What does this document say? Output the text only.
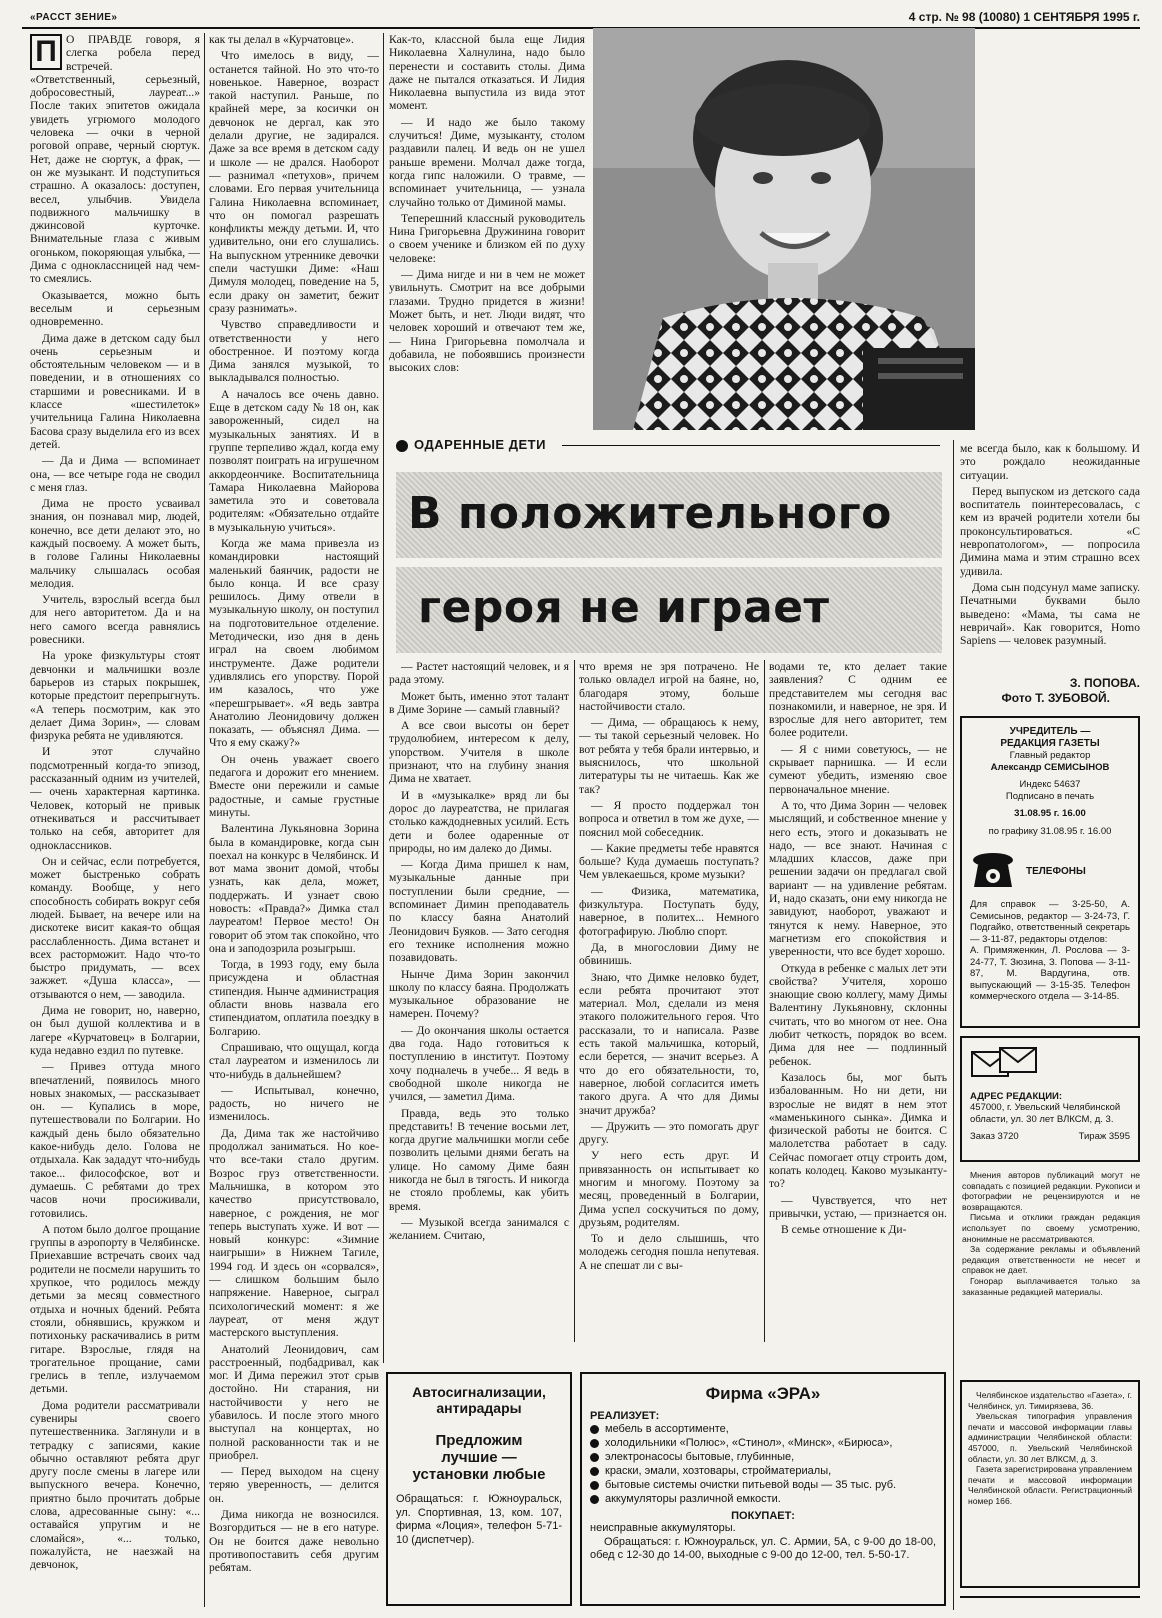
«РАССТ ЗЕНИЕ»	4 стр. № 98 (10080) 1 СЕНТЯБРЯ 1995 г.
П О ПРАВДЕ говоря, я слегка робела перед встречей. «Ответственный, серьезный, добросовестный, лауреат...» После таких эпитетов ожидала увидеть угрюмого молодого человека — очки в черной роговой оправе, черный сюртук. Нет, даже не сюртук, а фрак, — он же музыкант. И подступиться страшно. А оказалось: доступен, весел, улыбчив. Увидела подвижного мальчишку в джинсовой курточке. Внимательные глаза с живым огоньком, покоряющая улыбка, — Дима с одноклассницей над чем-то смеялись.

Оказывается, можно быть веселым и серьезным одновременно.

Дима даже в детском саду был очень серьезным и обстоятельным человеком — и в поведении, и в отношениях со старшими и ровесниками. И в классе «шестилеток» учительница Галина Николаевна Басова сразу выделила его из всех детей.

— Да и Дима — вспоминает она, — все четыре года не сводил с меня глаз.

Дима не просто усваивал знания, он познавал мир, людей, конечно, все дети делают это, но каждый посвоему. А может быть, в голове Галины Николаевны мальчику слышалась особая мелодия.

Учитель, взрослый всегда был для него авторитетом. Да и на него самого всегда равнялись ровесники.

На уроке физкультуры стоят девчонки и мальчишки возле барьеров из старых покрышек, которые предстоит перепрыгнуть. «А теперь посмотрим, как это делает Дима Зорин», — словам физрука ребята не удивляются.

И этот случайно подсмотренный когда-то эпизод, рассказанный одним из учителей, — очень характерная картинка. Человек, который не привык отнекиваться и рассчитывает только на себя, авторитет для одноклассников.

Он и сейчас, если потребуется, может быстренько собрать команду. Вообще, у него способность собирать вокруг себя людей. Бывает, на вечере или на дискотеке висит какая-то общая расслабленность. Дима встанет и всех расторможит. Надо что-то быстро придумать, — всех зажжет. «Душа класса», — отзываются о нем, — заводила.

Дима не говорит, но, наверно, он был душой коллектива и в лагере «Курчатовец» в Болгарии, куда недавно ездил по путевке.

— Привез оттуда много впечатлений, появилось много новых знакомых, — рассказывает он. — Купались в море, путешествовали по Болгарии. Но каждый день было обязательно какое-нибудь дело. Голова не отдыхала. Как зададут что-нибудь такое... философское, вот и думаешь. С ребятами до трех часов ночи просиживали, готовились.

А потом было долгое прощание группы в аэропорту в Челябинске. Приехавшие встречать своих чад родители не посмели нарушить то хрупкое, что родилось между детьми за месяц совместного отдыха и ночных бдений. Ребята стояли, обнявшись, кружком и потихоньку раскачивались в ритм гитаре. Взрослые, глядя на трогательное прощание, сами грелись в тепле, излучаемом детьми.

Дома родители рассматривали сувениры своего путешественника. Заглянули и в тетрадку с записями, какие обычно оставляют ребята друг другу после смены в лагере или выпускного вечера. Конечно, приятно было прочитать добрые слова, адресованные сыну: «... оставайся упругим и не сломайся», «... только, пожалуйста, не наезжай на девчонок,

как ты делал в «Курчатовце».

Что имелось в виду, — останется тайной. Но это что-то новенькое. Наверное, возраст такой наступил. Раньше, по крайней мере, за косички он девчонок не дергал, как это делали другие, не задирался. Даже за все время в детском саду и школе — не дрался. Наоборот — разнимал «петухов», причем словами. Его первая учительница Галина Николаевна вспоминает, что он помогал разрешать конфликты между детьми. И, что удивительно, они его слушались. На выпускном утреннике девочки спели частушки Диме: «Наш Димуля молодец, поведение на 5, если драку он заметит, бежит сразу разнимать».

Чувство справедливости и ответственности у него обостренное. И поэтому когда Дима занялся музыкой, то выкладывался полностью.

А началось все очень давно. Еще в детском саду № 18 он, как завороженный, сидел на музыкальных занятиях. И в группе терпеливо ждал, когда ему позволят поиграть на игрушечном аккордеончике. Воспитательница Тамара Николаевна Майорова заметила это и советовала родителям: «Обязательно отдайте в музыкальную учиться».

Когда же мама привезла из командировки настоящий маленький баянчик, радости не было конца. И все сразу решилось. Диму отвели в музыкальную школу, он поступил на подготовительное отделение. Методически, изо дня в день играл на своем любимом инструменте. Даже родители удивлялись его упорству. Порой им казалось, что уже «перешгрывает». «Я ведь завтра Анатолию Леонидовичу должен показать, — объяснял Дима. — Что я ему скажу?»

Он очень уважает своего педагога и дорожит его мнением. Вместе они пережили и самые радостные, и самые грустные минуты.

Валентина Лукьяновна Зорина была в командировке, когда сын поехал на конкурс в Челябинск. И вот мама звонит домой, чтобы узнать, как дела, может, поддержать. И узнает свою новость: «Правда?» Димка стал лауреатом! Первое место! Он говорит об этом так спокойно, что она и заподозрила розыгрыш.

Тогда, в 1993 году, ему была присуждена и областная стипендия. Нынче администрация области вновь назвала его стипендиатом, оплатила поездку в Болгарию.

Спрашиваю, что ощущал, когда стал лауреатом и изменилось ли что-нибудь в дальнейшем?

— Испытывал, конечно, радость, но ничего не изменилось.

Да, Дима так же настойчиво продолжал заниматься. Но кое-что все-таки стало другим. Возрос груз ответственности. Мальчишка, в котором это качество присутствовало, наверное, с рождения, не мог теперь выступать хуже. И вот — новый конкурс: «Зимние наигрыши» в Нижнем Тагиле, 1994 год. И здесь он «сорвался», — слишком большим было напряжение. Наверное, сыграл психологический момент: я же лауреат, от меня ждут мастерского выступления.

Анатолий Леонидович, сам расстроенный, подбадривал, как мог. И Дима пережил этот срыв достойно. Ни старания, ни настойчивости у него не убавилось. И после этого много выступал на концертах, но полной раскованности так и не приобрел.

— Перед выходом на сцену теряю уверенность, — делится он.

Дима никогда не возносился. Возгордиться — не в его натуре. Он не боится даже невольно противопоставить себя другим ребятам.

Как-то, классной была еще Лидия Николаевна Халнулина, надо было перенести и составить столы. Дима даже не пытался отказаться. И Лидия Николаевна выпустила из вида этот момент.

— И надо же было такому случиться! Диме, музыканту, столом раздавили палец. И ведь он не ушел раньше времени. Молчал даже тогда, когда гипс наложили. О травме, — вспоминает учительница, — узнала случайно только от Диминой мамы.

Теперешний классный руководитель Нина Григорьевна Дружинина говорит о своем ученике и близком ей по духу человеке:

— Дима нигде и ни в чем не может увильнуть. Смотрит на все добрыми глазами. Трудно придется в жизни! Может быть, и нет. Люди видят, что человек хороший и отвечают тем же, — Нина Григорьевна помолчала и добавила, не побоявшись произнести высоких слов:

ОДАРЕННЫЕ ДЕТИ
В положительного
героя не играет

— Растет настоящий человек, и я рада этому.

Может быть, именно этот талант в Диме Зорине — самый главный?

А все свои высоты он берет трудолюбием, интересом к делу, упорством. Учителя в школе признают, что на глубину знания Дима не хватает.

И в «музыкалке» вряд ли бы дорос до лауреатства, не прилагая столько каждодневных усилий. Есть дети и более одаренные от природы, но им далеко до Димы.

— Когда Дима пришел к нам, музыкальные данные при поступлении были средние, — вспоминает Димин преподаватель по классу баяна Анатолий Леонидович Буяков. — Зато сегодня его технике исполнения можно позавидовать.

Нынче Дима Зорин закончил школу по классу баяна. Продолжать музыкальное образование не намерен. Почему?

— До окончания школы остается два года. Надо готовиться к поступлению в институт. Поэтому хочу подналечь в учебе... Я ведь в свободной школе никогда не учился, — заметил Дима.

Правда, ведь это только представить! В течение восьми лет, когда другие мальчишки могли себе позволить целыми днями бегать на улице. Но самому Диме баян никогда не был в тягость. И никогда не стояло проблемы, как убить время.

— Музыкой всегда занимался с желанием. Считаю,

что время не зря потрачено. Не только овладел игрой на баяне, но, благодаря этому, больше настойчивости стало.

— Дима, — обращаюсь к нему, — ты такой серьезный человек. Но вот ребята у тебя брали интервью, и выяснилось, что школьной литературы ты не читаешь. Как же так?

— Я просто поддержал тон вопроса и ответил в том же духе, — пояснил мой собеседник.

— Какие предметы тебе нравятся больше? Куда думаешь поступать? Чем увлекаешься, кроме музыки?

— Физика, математика, физкультура. Поступать буду, наверное, в политех... Немного фотографирую. Люблю спорт.

Да, в многословии Диму не обвинишь.

Знаю, что Димке неловко будет, если ребята прочитают этот материал. Мол, сделали из меня этакого положительного героя. Что рассказали, то и написала. Разве есть такой мальчишка, который, если берется, — значит всерьез. А что до его обязательности, то, наверное, любой согласится иметь такого друга. А что для Димы значит дружба?

— Дружить — это помогать друг другу.

У него есть друг. И привязанность он испытывает ко многим и многому. Поэтому за месяц, проведенный в Болгарии, Дима успел соскучиться по дому, друзьям, родителям.

То и дело слышишь, что молодежь сегодня пошла непутевая. А не спешат ли с вы-

водами те, кто делает такие заявления? С одним ее представителем мы сегодня вас познакомили, и наверное, не зря. И взрослые для него авторитет, тем более родители.

— Я с ними советуюсь, — не скрывает парнишка. — И если сумеют убедить, изменяю свое первоначальное мнение.

А то, что Дима Зорин — человек мыслящий, и собственное мнение у него есть, этого и доказывать не надо, — все знают. Начиная с младших классов, даже при решении задачи он предлагал свой вариант — на удивление ребятам. И, надо сказать, они ему никогда не завидуют, наоборот, уважают и тянутся к нему. Наверное, это магнетизм его спокойствия и уверенности, что все будет хорошо.

Откуда в ребенке с малых лет эти свойства? Учителя, хорошо знающие свою коллегу, маму Димы Валентину Лукьяновну, склонны считать, что во многом от нее. Она любит четкость, порядок во всем. Дима для нее — подлинный ребенок.

Казалось бы, мог быть избалованным. Но ни дети, ни взрослые не видят в нем этот «маменькиного сынка». Димка и физической работы не боится. С малолетства работает в саду. Сейчас помогает отцу строить дом, копать колодец. Каково музыканту-то?

— Чувствуется, что нет привычки, устаю, — признается он.

В семье отношение к Ди-

ме всегда было, как к большому. И это рождало неожиданные ситуации.

Перед выпуском из детского сада воспитатель поинтересовалась, с кем из врачей родители хотели бы проконсультироваться. «С невропатологом», — попросила Димина мама и этим страшно всех удивила.

Дома сын подсунул маме записку. Печатными буквами было выведено: «Мама, ты сама не невричай». Как говорится, Homo Sapiens — человек разумный.

З. ПОПОВА.
Фото Т. ЗУБОВОЙ.
УЧРЕДИТЕЛЬ —
РЕДАКЦИЯ ГАЗЕТЫ
Главный редактор
Александр СЕМИСЫНОВ
Индекс 54637
Подписано в печать
31.08.95 г. 16.00
по графику 31.08.95 г. 16.00
ТЕЛЕФОНЫ
Для справок — 3-25-50, А. Семисынов, редактор — 3-24-73, Г. Подгайко, ответственный секретарь — 3-11-87, редакторы отделов:
А. Примяженкин, Л. Рослова — 3-24-77, Т. Зюзина, З. Попова — 3-11-87, М. Вардугина, отв. выпускающий — 3-15-35. Телефон коммерческого отдела — 3-14-85.
АДРЕС РЕДАКЦИИ:
457000, г. Увельский Челябинской области, ул. 30 лет ВЛКСМ, д. 3.
Заказ 3720	Тираж 3595

Мнения авторов публикаций могут не совпадать с позицией редакции. Рукописи и фотографии не рецензируются и не возвращаются.

Письма и отклики граждан редакция использует по своему усмотрению, анонимные не рассматриваются.

За содержание рекламы и объявлений редакция ответственности не несет и справок не дает.

Гонорар выплачивается только за заказанные редакцией материалы.

Челябинское издательство «Газета», г. Челябинск, ул. Тимирязева, 36.

Увельская типография управления печати и массовой информации главы администрации Челябинской области: 457000, п. Увельский Челябинской области, ул. 30 лет ВЛКСМ, д. 3.

Газета зарегистрирована управлением печати и массовой информации Челябинской области. Регистрационный номер 166.

Автосигнализации, антирадары
Предложим
лучшие —
установки любые
Обращаться: г. Южноуральск, ул. Спортивная, 13, ком. 107, фирма «Лоция», телефон 5-71-10 (диспетчер).
Фирма «ЭРА»
РЕАЛИЗУЕТ:
мебель в ассортименте,
холодильники «Полюс», «Стинол», «Минск», «Бирюса»,
электронасосы бытовые, глубинные,
краски, эмали, хозтовары, стройматериалы,
бытовые системы очистки питьевой воды — 35 тыс. руб.
аккумуляторы различной емкости.
ПОКУПАЕТ:
неисправные аккумуляторы.
Обращаться: г. Южноуральск, ул. С. Армии, 5А, с 9-00 до 18-00, обед с 12-30 до 14-00, выходные с 9-00 до 12-00, тел. 5-50-17.
